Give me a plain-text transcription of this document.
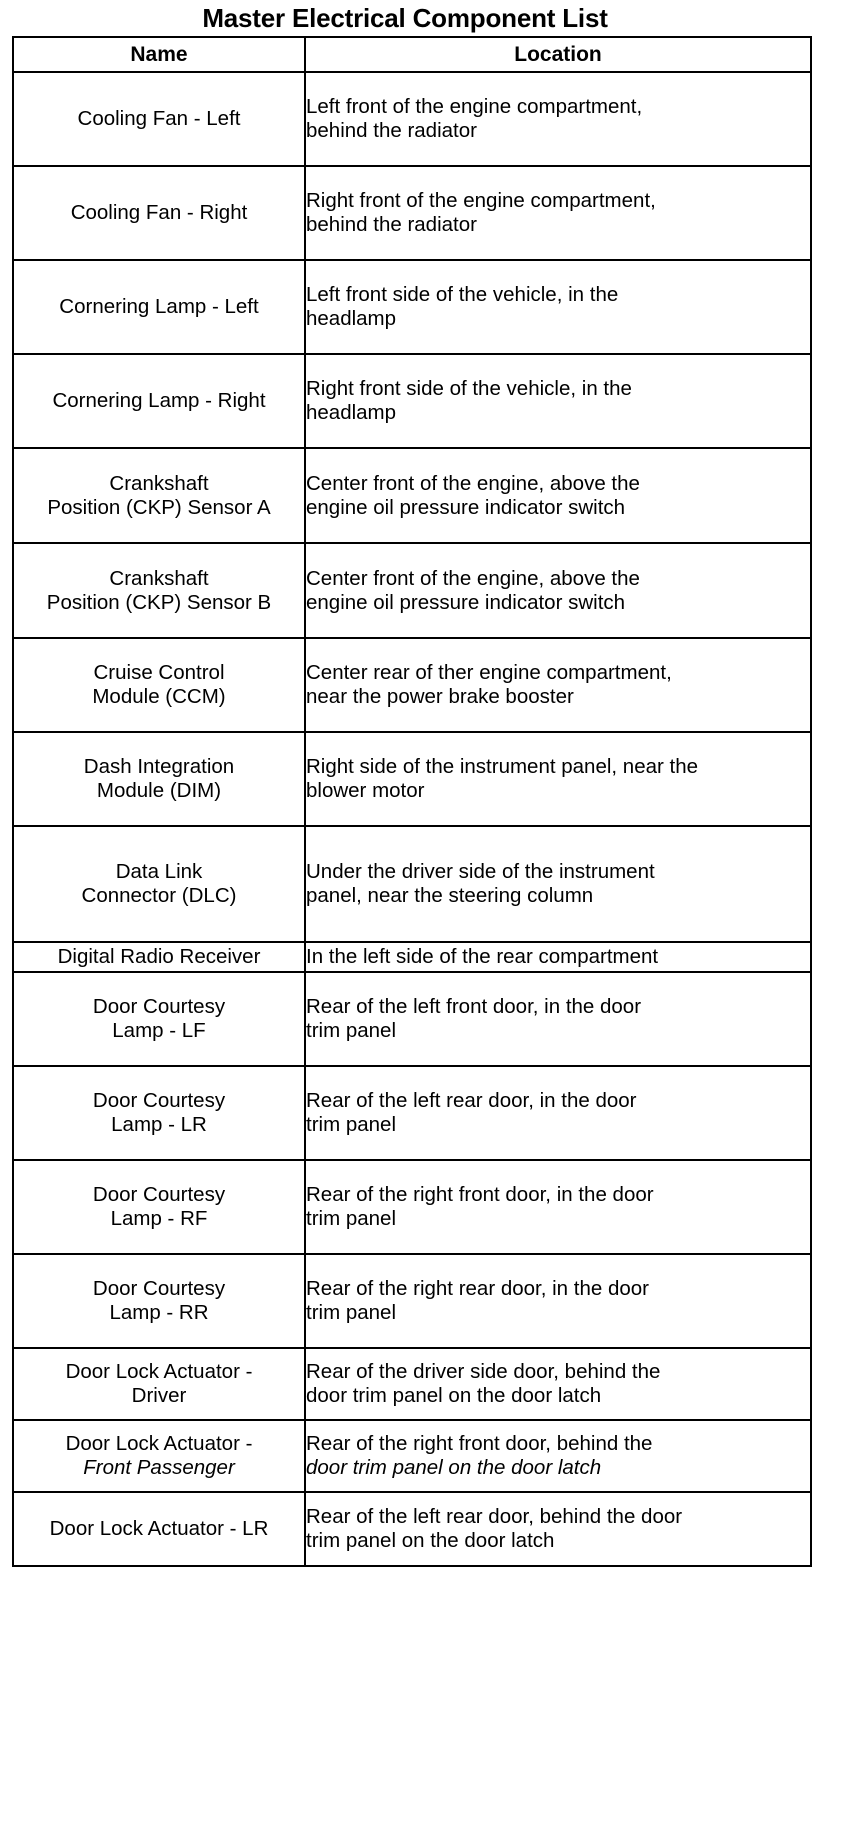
Master Electrical Component List
Name	Location

Cooling Fan - Left	Left front of the engine compartment,
behind the radiator

Cooling Fan - Right	Right front of the engine compartment,
behind the radiator

Cornering Lamp - Left	Left front side of the vehicle, in the
headlamp

Cornering Lamp - Right	Right front side of the vehicle, in the
headlamp

Crankshaft
Position (CKP) Sensor A	Center front of the engine, above the
engine oil pressure indicator switch

Crankshaft
Position (CKP) Sensor B	Center front of the engine, above the
engine oil pressure indicator switch

Cruise Control
Module (CCM)	Center rear of ther engine compartment,
near the power brake booster

Dash Integration
Module (DIM)	Right side of the instrument panel, near the
blower motor

Data Link
Connector (DLC)	Under the driver side of the instrument
panel, near the steering column

Digital Radio Receiver	In the left side of the rear compartment

Door Courtesy
Lamp - LF	Rear of the left front door, in the door
trim panel

Door Courtesy
Lamp - LR	Rear of the left rear door, in the door
trim panel

Door Courtesy
Lamp - RF	Rear of the right front door, in the door
trim panel

Door Courtesy
Lamp - RR	Rear of the right rear door, in the door
trim panel

Door Lock Actuator -
Driver	Rear of the driver side door, behind the
door trim panel on the door latch

Door Lock Actuator -
Front Passenger	Rear of the right front door, behind the
door trim panel on the door latch

Door Lock Actuator - LR	Rear of the left rear door, behind the door
trim panel on the door latch
